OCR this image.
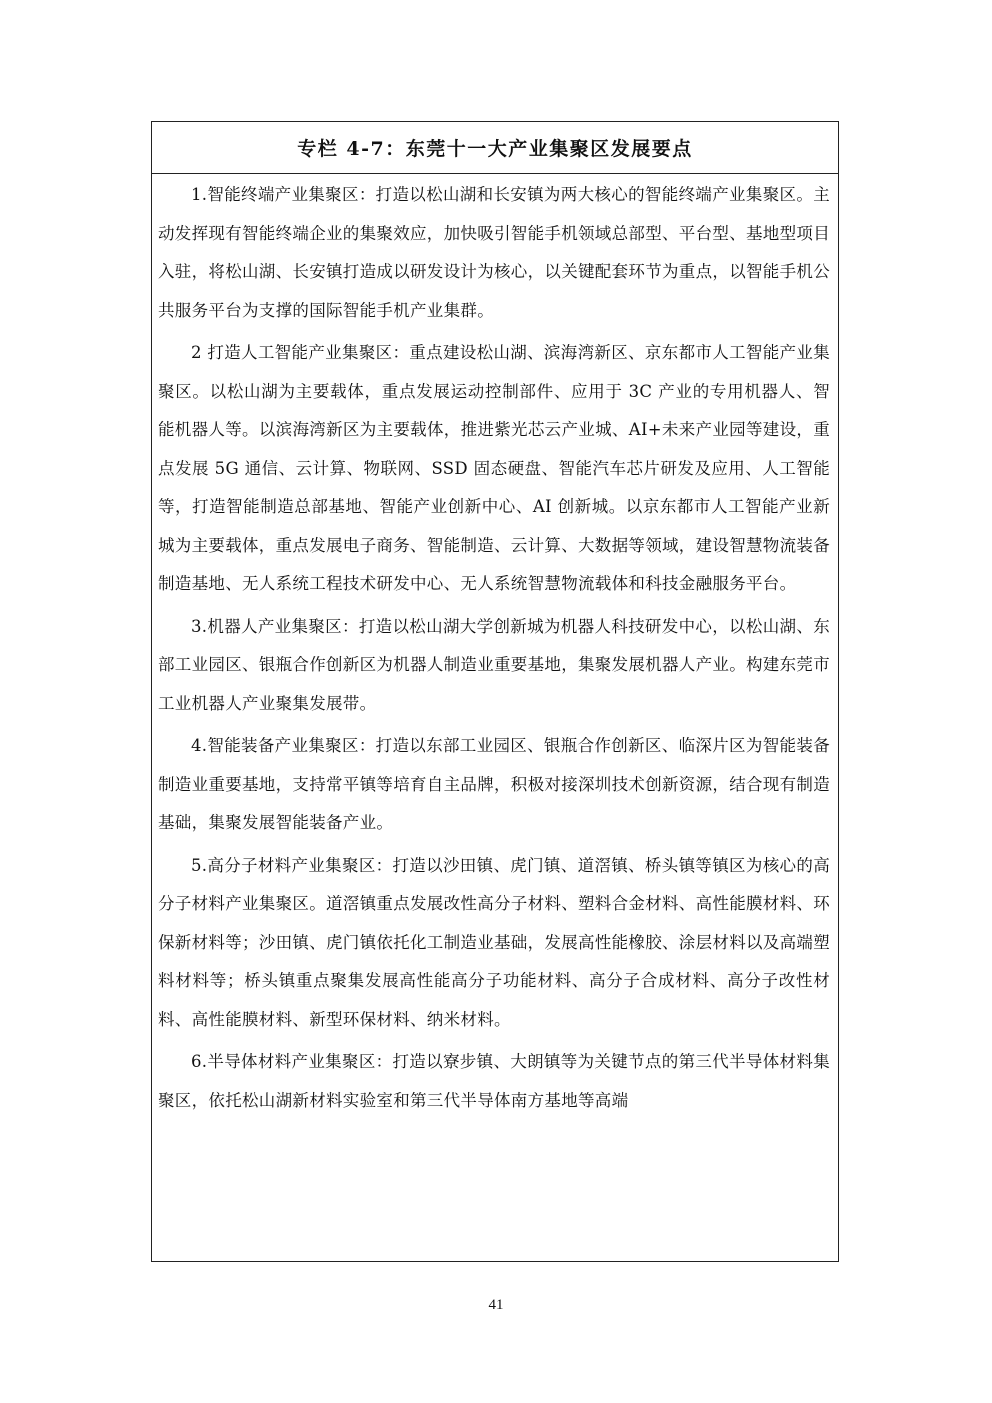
专栏 4-7：东莞十一大产业集聚区发展要点

1.智能终端产业集聚区：打造以松山湖和长安镇为两大核心的智能终端产业集聚区。主动发挥现有智能终端企业的集聚效应，加快吸引智能手机领域总部型、平台型、基地型项目入驻，将松山湖、长安镇打造成以研发设计为核心，以关键配套环节为重点，以智能手机公共服务平台为支撑的国际智能手机产业集群。

2 打造人工智能产业集聚区：重点建设松山湖、滨海湾新区、京东都市人工智能产业集聚区。以松山湖为主要载体，重点发展运动控制部件、应用于 3C 产业的专用机器人、智能机器人等。以滨海湾新区为主要载体，推进紫光芯云产业城、AI+未来产业园等建设，重点发展 5G 通信、云计算、物联网、SSD 固态硬盘、智能汽车芯片研发及应用、人工智能等，打造智能制造总部基地、智能产业创新中心、AI 创新城。以京东都市人工智能产业新城为主要载体，重点发展电子商务、智能制造、云计算、大数据等领域，建设智慧物流装备制造基地、无人系统工程技术研发中心、无人系统智慧物流载体和科技金融服务平台。

3.机器人产业集聚区：打造以松山湖大学创新城为机器人科技研发中心，以松山湖、东部工业园区、银瓶合作创新区为机器人制造业重要基地，集聚发展机器人产业。构建东莞市工业机器人产业聚集发展带。

4.智能装备产业集聚区：打造以东部工业园区、银瓶合作创新区、临深片区为智能装备制造业重要基地，支持常平镇等培育自主品牌，积极对接深圳技术创新资源，结合现有制造基础，集聚发展智能装备产业。

5.高分子材料产业集聚区：打造以沙田镇、虎门镇、道滘镇、桥头镇等镇区为核心的高分子材料产业集聚区。道滘镇重点发展改性高分子材料、塑料合金材料、高性能膜材料、环保新材料等；沙田镇、虎门镇依托化工制造业基础，发展高性能橡胶、涂层材料以及高端塑料材料等；桥头镇重点聚集发展高性能高分子功能材料、高分子合成材料、高分子改性材料、高性能膜材料、新型环保材料、纳米材料。

6.半导体材料产业集聚区：打造以寮步镇、大朗镇等为关键节点的第三代半导体材料集聚区，依托松山湖新材料实验室和第三代半导体南方基地等高端

41
